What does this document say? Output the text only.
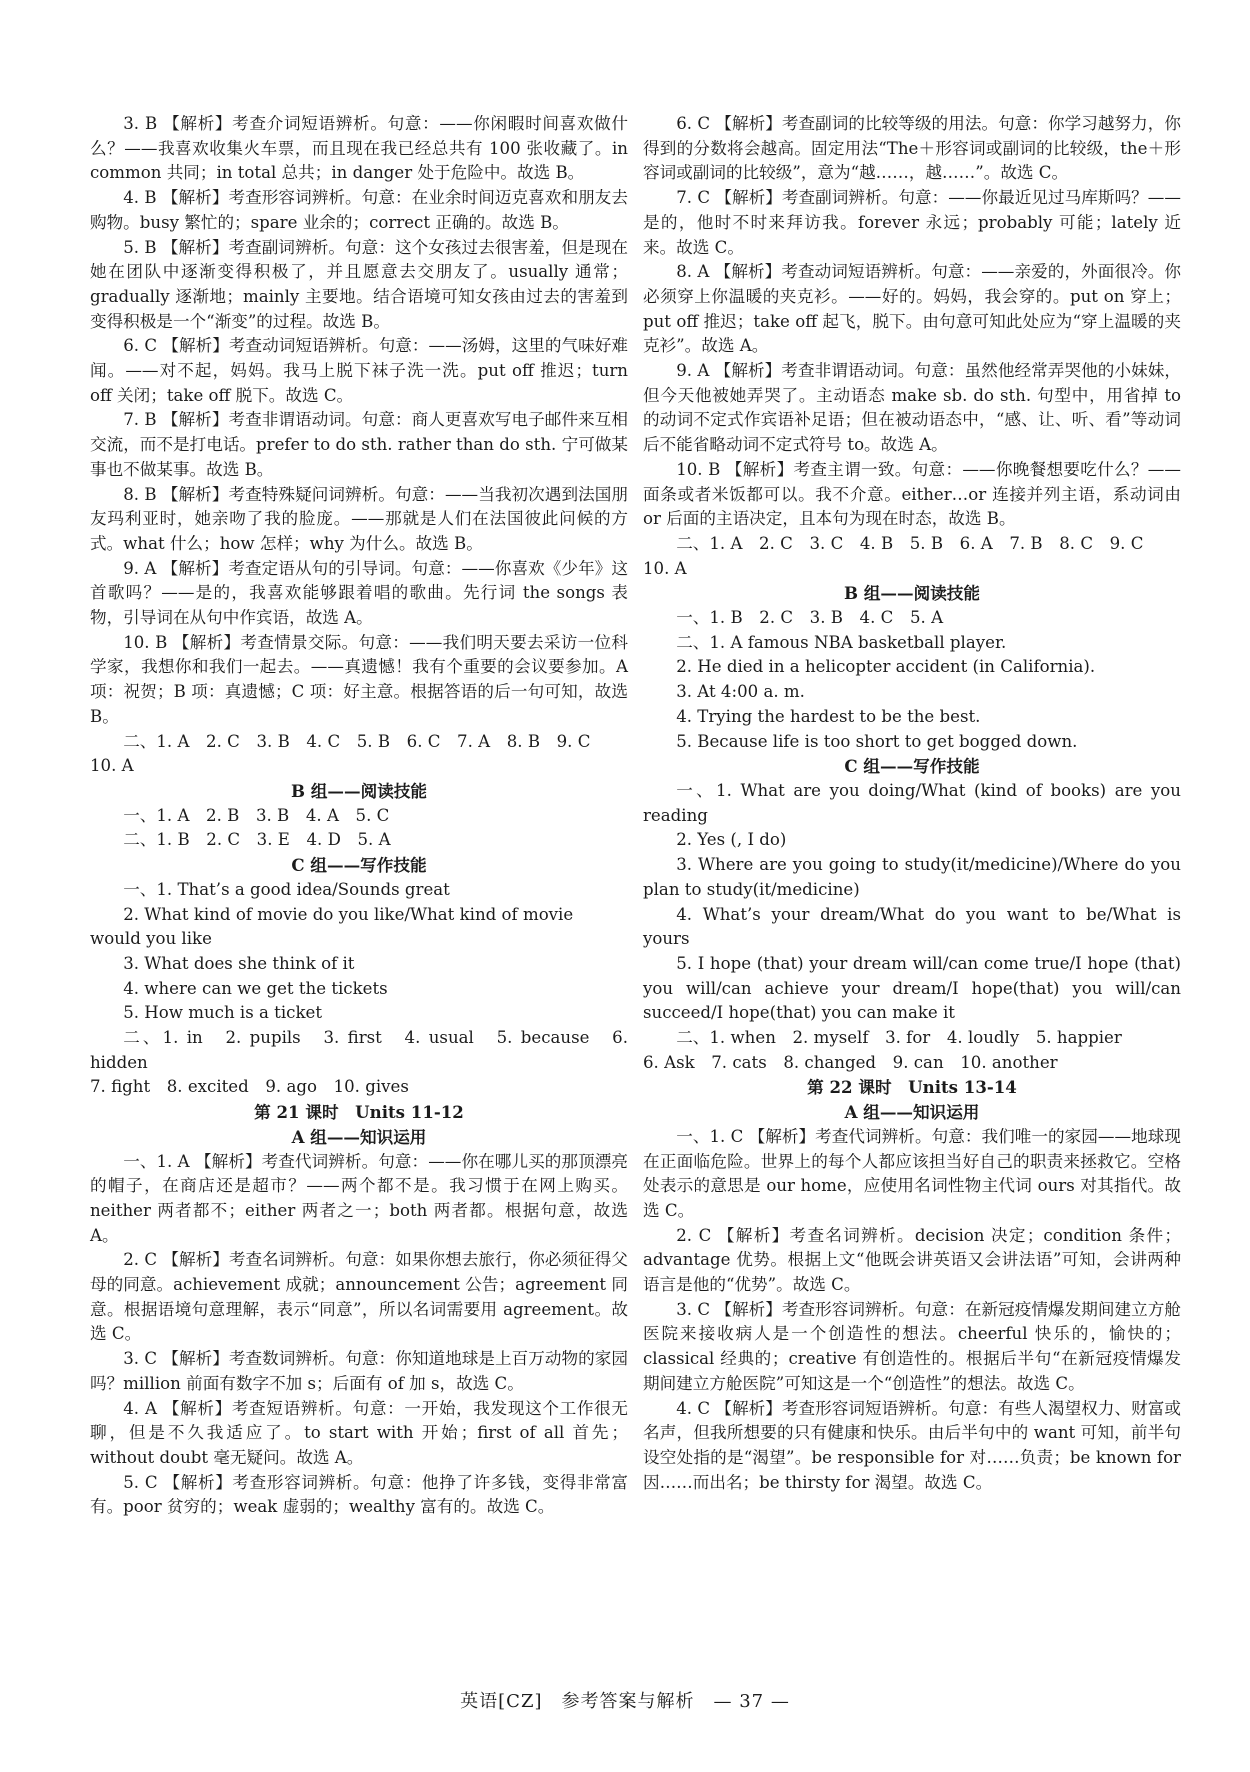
3. B 【解析】考查介词短语辨析。句意：——你闲暇时间喜欢做什么？——我喜欢收集火车票，而且现在我已经总共有 100 张收藏了。in common 共同；in total 总共；in danger 处于危险中。故选 B。

4. B 【解析】考查形容词辨析。句意：在业余时间迈克喜欢和朋友去购物。busy 繁忙的；spare 业余的；correct 正确的。故选 B。

5. B 【解析】考查副词辨析。句意：这个女孩过去很害羞，但是现在她在团队中逐渐变得积极了，并且愿意去交朋友了。usually 通常；gradually 逐渐地；mainly 主要地。结合语境可知女孩由过去的害羞到变得积极是一个“渐变”的过程。故选 B。

6. C 【解析】考查动词短语辨析。句意：——汤姆，这里的气味好难闻。——对不起，妈妈。我马上脱下袜子洗一洗。put off 推迟；turn off 关闭；take off 脱下。故选 C。

7. B 【解析】考查非谓语动词。句意：商人更喜欢写电子邮件来互相交流，而不是打电话。prefer to do sth. rather than do sth. 宁可做某事也不做某事。故选 B。

8. B 【解析】考查特殊疑问词辨析。句意：——当我初次遇到法国朋友玛利亚时，她亲吻了我的脸庞。——那就是人们在法国彼此问候的方式。what 什么；how 怎样；why 为什么。故选 B。

9. A 【解析】考查定语从句的引导词。句意：——你喜欢《少年》这首歌吗？——是的，我喜欢能够跟着唱的歌曲。先行词 the songs 表物，引导词在从句中作宾语，故选 A。

10. B 【解析】考查情景交际。句意：——我们明天要去采访一位科学家，我想你和我们一起去。——真遗憾！我有个重要的会议要参加。A 项：祝贺；B 项：真遗憾；C 项：好主意。根据答语的后一句可知，故选 B。

二、1. A　2. C　3. B　4. C　5. B　6. C　7. A　8. B　9. C

10. A

B 组——阅读技能

一、1. A　2. B　3. B　4. A　5. C

二、1. B　2. C　3. E　4. D　5. A

C 组——写作技能

一、1. That’s a good idea/Sounds great

2. What kind of movie do you like/What kind of movie

would you like

3. What does she think of it

4. where can we get the tickets

5. How much is a ticket

二、1. in　2. pupils　3. first　4. usual　5. because　6. hidden

7. fight　8. excited　9. ago　10. gives

第 21 课时　Units 11-12

A 组——知识运用

一、1. A 【解析】考查代词辨析。句意：——你在哪儿买的那顶漂亮的帽子，在商店还是超市？——两个都不是。我习惯于在网上购买。neither 两者都不；either 两者之一；both 两者都。根据句意，故选 A。

2. C 【解析】考查名词辨析。句意：如果你想去旅行，你必须征得父母的同意。achievement 成就；announcement 公告；agreement 同意。根据语境句意理解，表示“同意”，所以名词需要用 agreement。故选 C。

3. C 【解析】考查数词辨析。句意：你知道地球是上百万动物的家园吗？million 前面有数字不加 s；后面有 of 加 s，故选 C。

4. A 【解析】考查短语辨析。句意：一开始，我发现这个工作很无聊，但是不久我适应了。to start with 开始；first of all 首先；without doubt 毫无疑问。故选 A。

5. C 【解析】考查形容词辨析。句意：他挣了许多钱，变得非常富有。poor 贫穷的；weak 虚弱的；wealthy 富有的。故选 C。

6. C 【解析】考查副词的比较等级的用法。句意：你学习越努力，你得到的分数将会越高。固定用法“The＋形容词或副词的比较级，the＋形容词或副词的比较级”，意为“越……，越……”。故选 C。

7. C 【解析】考查副词辨析。句意：——你最近见过马库斯吗？——是的，他时不时来拜访我。forever 永远；probably 可能；lately 近来。故选 C。

8. A 【解析】考查动词短语辨析。句意：——亲爱的，外面很冷。你必须穿上你温暖的夹克衫。——好的。妈妈，我会穿的。put on 穿上；put off 推迟；take off 起飞，脱下。由句意可知此处应为“穿上温暖的夹克衫”。故选 A。

9. A 【解析】考查非谓语动词。句意：虽然他经常弄哭他的小妹妹，但今天他被她弄哭了。主动语态 make sb. do sth. 句型中，用省掉 to 的动词不定式作宾语补足语；但在被动语态中，“感、让、听、看”等动词后不能省略动词不定式符号 to。故选 A。

10. B 【解析】考查主谓一致。句意：——你晚餐想要吃什么？——面条或者米饭都可以。我不介意。either…or 连接并列主语，系动词由 or 后面的主语决定，且本句为现在时态，故选 B。

二、1. A　2. C　3. C　4. B　5. B　6. A　7. B　8. C　9. C

10. A

B 组——阅读技能

一、1. B　2. C　3. B　4. C　5. A

二、1. A famous NBA basketball player.

2. He died in a helicopter accident (in California).

3. At 4:00 a. m.

4. Trying the hardest to be the best.

5. Because life is too short to get bogged down.

C 组——写作技能

一、1. What are you doing/What (kind of books) are you reading

2. Yes (, I do)

3. Where are you going to study(it/medicine)/Where do you plan to study(it/medicine)

4. What’s your dream/What do you want to be/What is yours

5. I hope (that) your dream will/can come true/I hope (that) you will/can achieve your dream/I hope(that) you will/can succeed/I hope(that) you can make it

二、1. when　2. myself　3. for　4. loudly　5. happier

6. Ask　7. cats　8. changed　9. can　10. another

第 22 课时　Units 13-14

A 组——知识运用

一、1. C 【解析】考查代词辨析。句意：我们唯一的家园——地球现在正面临危险。世界上的每个人都应该担当好自己的职责来拯救它。空格处表示的意思是 our home，应使用名词性物主代词 ours 对其指代。故选 C。

2. C 【解析】考查名词辨析。decision 决定；condition 条件；advantage 优势。根据上文“他既会讲英语又会讲法语”可知，会讲两种语言是他的“优势”。故选 C。

3. C 【解析】考查形容词辨析。句意：在新冠疫情爆发期间建立方舱医院来接收病人是一个创造性的想法。cheerful 快乐的，愉快的；classical 经典的；creative 有创造性的。根据后半句“在新冠疫情爆发期间建立方舱医院”可知这是一个“创造性”的想法。故选 C。

4. C 【解析】考查形容词短语辨析。句意：有些人渴望权力、财富或名声，但我所想要的只有健康和快乐。由后半句中的 want 可知，前半句设空处指的是“渴望”。be responsible for 对……负责；be known for 因……而出名；be thirsty for 渴望。故选 C。

英语[CZ]　参考答案与解析　— 37 —
